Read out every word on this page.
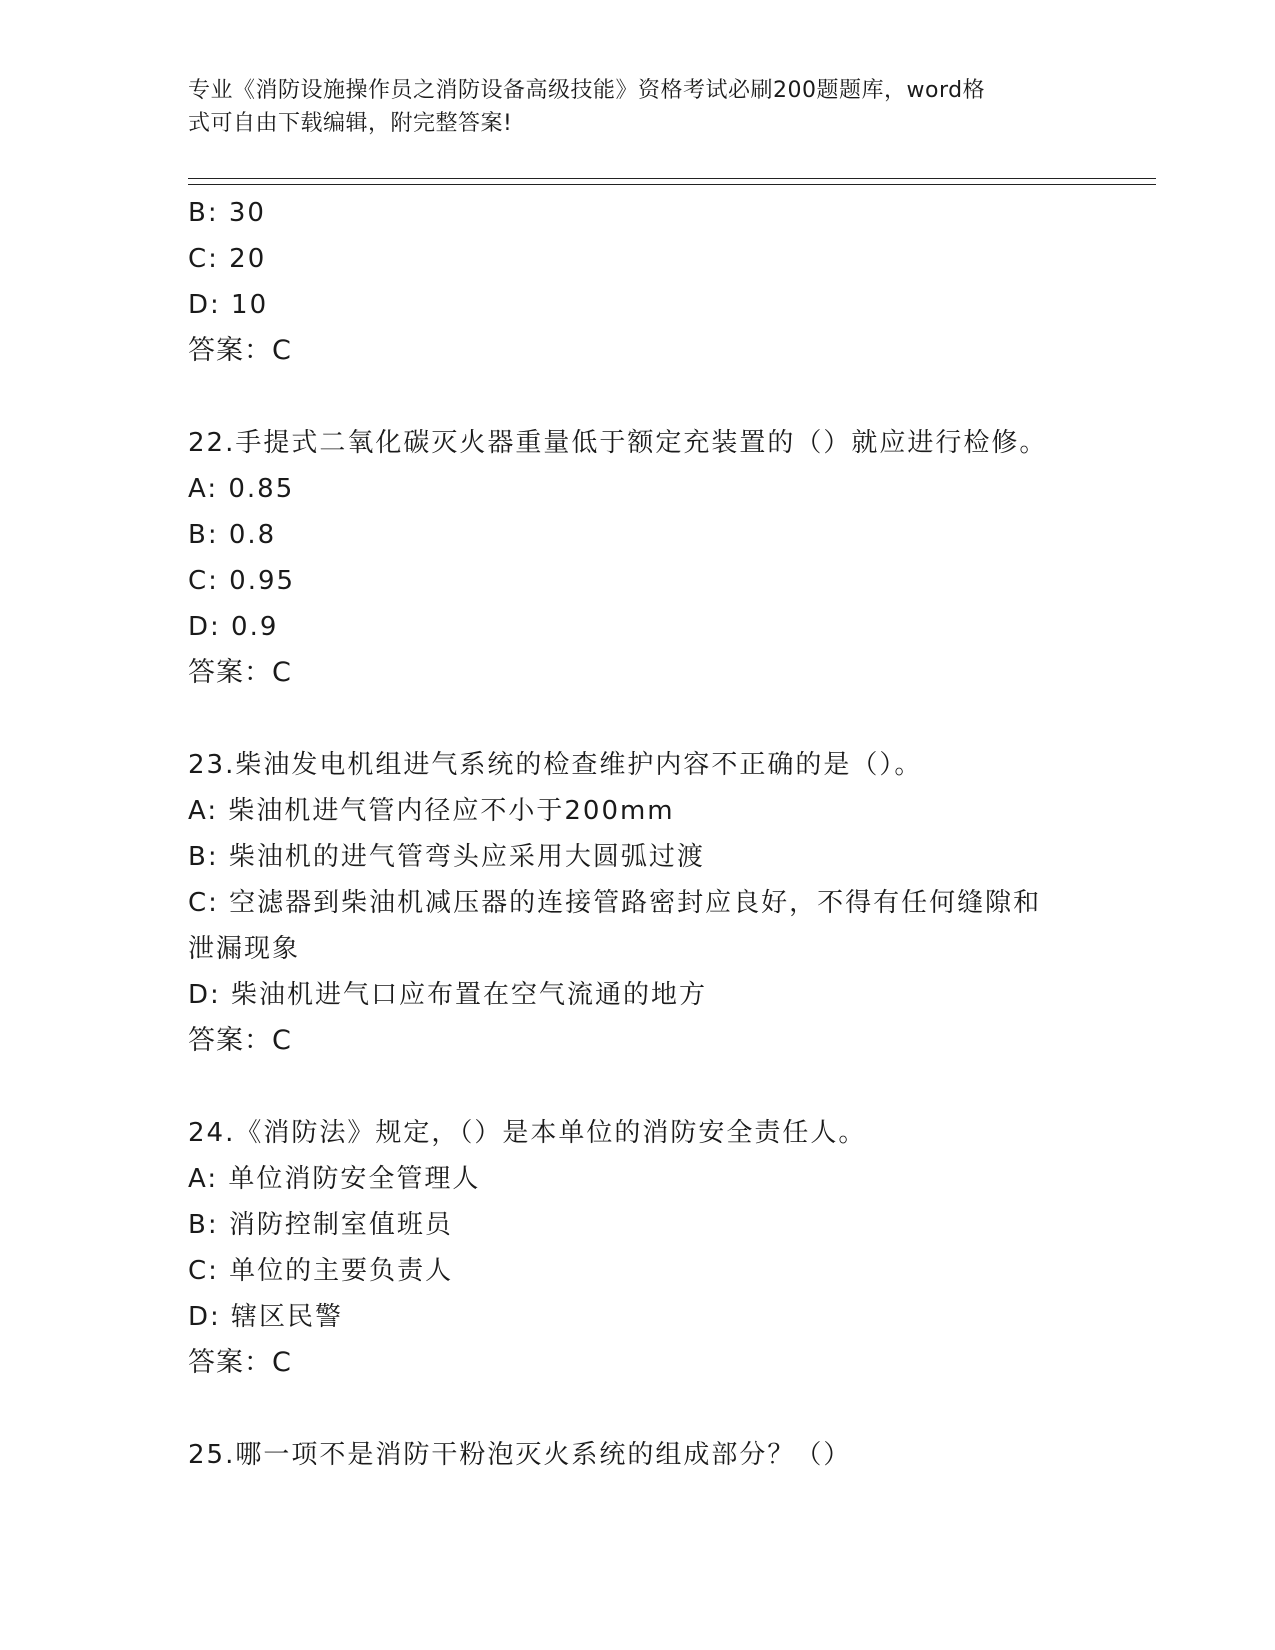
专业《消防设施操作员之消防设备高级技能》资格考试必刷200题题库，word格
式可自由下载编辑，附完整答案!
B: 30
C: 20
D: 10
答案：C
22.手提式二氧化碳灭火器重量低于额定充装置的（）就应进行检修。
A: 0.85
B: 0.8
C: 0.95
D: 0.9
答案：C
23.柴油发电机组进气系统的检查维护内容不正确的是（）。
A: 柴油机进气管内径应不小于200mm
B: 柴油机的进气管弯头应采用大圆弧过渡
C: 空滤器到柴油机减压器的连接管路密封应良好，不得有任何缝隙和
泄漏现象
D: 柴油机进气口应布置在空气流通的地方
答案：C
24.《消防法》规定，（）是本单位的消防安全责任人。
A: 单位消防安全管理人
B: 消防控制室值班员
C: 单位的主要负责人
D: 辖区民警
答案：C
25.哪一项不是消防干粉泡灭火系统的组成部分？（）
